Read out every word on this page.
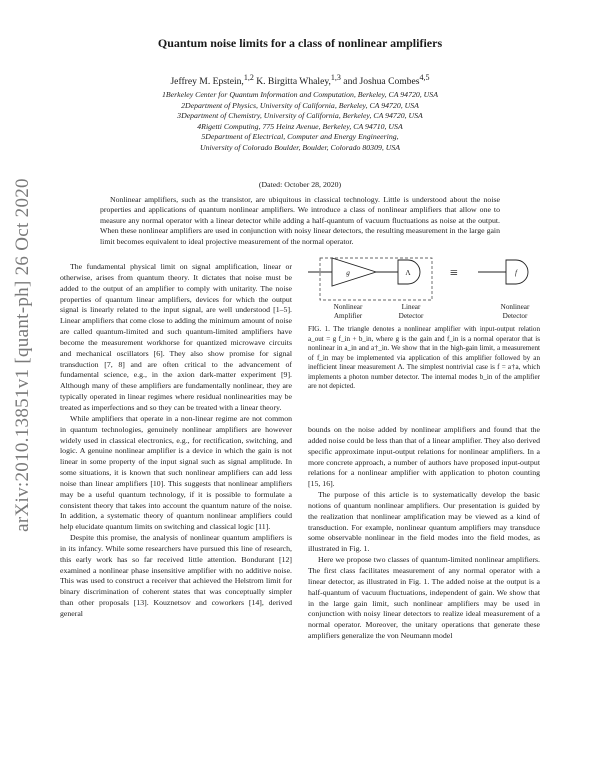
arXiv:2010.13851v1 [quant-ph] 26 Oct 2020
Quantum noise limits for a class of nonlinear amplifiers
Jeffrey M. Epstein,$^{1,2}$ K. Birgitta Whaley,$^{1,3}$ and Joshua Combes$^{4,5}$
1Berkeley Center for Quantum Information and Computation, Berkeley, CA 94720, USA
2Department of Physics, University of California, Berkeley, CA 94720, USA
3Department of Chemistry, University of California, Berkeley, CA 94720, USA
4Rigetti Computing, 775 Heinz Avenue, Berkeley, CA 94710, USA
5Department of Electrical, Computer and Energy Engineering,
University of Colorado Boulder, Boulder, Colorado 80309, USA
(Dated: October 28, 2020)
Nonlinear amplifiers, such as the transistor, are ubiquitous in classical technology. Little is understood about the noise properties and applications of quantum nonlinear amplifiers. We introduce a class of nonlinear amplifiers that allow one to measure any normal operator with a linear detector while adding a half-quantum of vacuum fluctuations as noise at the output. When these nonlinear amplifiers are used in conjunction with noisy linear detectors, the resulting measurement in the large gain limit becomes equivalent to ideal projective measurement of the normal operator.

The fundamental physical limit on signal amplification, linear or otherwise, arises from quantum theory. It dictates that noise must be added to the output of an amplifier to comply with unitarity. The noise properties of quantum linear amplifiers, devices for which the output signal is linearly related to the input signal, are well understood [1–5]. Linear amplifiers that come close to adding the minimum amount of noise are called quantum-limited and such quantum-limited amplifiers have become the measurement workhorse for quantized microwave circuits and mechanical oscillators [6]. They also show promise for signal transduction [7, 8] and are often critical to the advancement of fundamental science, e.g., in the axion dark-matter experiment [9]. Although many of these amplifiers are fundamentally nonlinear, they are typically operated in linear regimes where residual nonlinearities may be treated as imperfections and so they can be treated with a linear theory.

While amplifiers that operate in a non-linear regime are not common in quantum technologies, genuinely nonlinear amplifiers are however widely used in classical electronics, e.g., for rectification, switching, and logic. A genuine nonlinear amplifier is a device in which the gain is not linear in some property of the input signal such as signal amplitude. In some situations, it is known that such nonlinear amplifiers can add less noise than linear amplifiers [10]. This suggests that nonlinear amplifiers may be a useful quantum technology, if it is possible to formulate a consistent theory that takes into account the quantum nature of the noise. In addition, a systematic theory of quantum nonlinear amplifiers could help elucidate quantum limits on switching and classical logic [11].

Despite this promise, the analysis of nonlinear quantum amplifiers is in its infancy. While some researchers have pursued this line of research, this early work has so far received little attention. Bondurant [12] examined a nonlinear phase insensitive amplifier with no additive noise. This was used to construct a receiver that achieved the Helstrom limit for binary discrimination of coherent states that was conceptually simpler than other proposals [13]. Kouznetsov and coworkers [14], derived general

g	Λ
Nonlinear
Amplifier
Linear
Detector
≡	f
Nonlinear
Detector
FIG. 1. The triangle denotes a nonlinear amplifier with input-output relation a_out = g f_in + b_in, where g is the gain and f_in is a normal operator that is nonlinear in a_in and a†_in. We show that in the high-gain limit, a measurement of f_in may be implemented via application of this amplifier followed by an inefficient linear measurement Λ. The simplest nontrivial case is f = a†a, which implements a photon number detector. The internal modes b_in of the amplifier are not depicted.

bounds on the noise added by nonlinear amplifiers and found that the added noise could be less than that of a linear amplifier. They also derived specific approximate input-output relations for nonlinear amplifiers. In a more concrete approach, a number of authors have proposed input-output relations for a nonlinear amplifier with application to photon counting [15, 16].

The purpose of this article is to systematically develop the basic notions of quantum nonlinear amplifiers. Our presentation is guided by the realization that nonlinear amplification may be viewed as a kind of transduction. For example, nonlinear quantum amplifiers may transduce some observable nonlinear in the field modes into the field modes, as illustrated in Fig. 1.

Here we propose two classes of quantum-limited nonlinear amplifiers. The first class facilitates measurement of any normal operator with a linear detector, as illustrated in Fig. 1. The added noise at the output is a half-quantum of vacuum fluctuations, independent of gain. We show that in the large gain limit, such nonlinear amplifiers may be used in conjunction with noisy linear detectors to realize ideal measurement of a normal operator. Moreover, the unitary operations that generate these amplifiers generalize the von Neumann model
